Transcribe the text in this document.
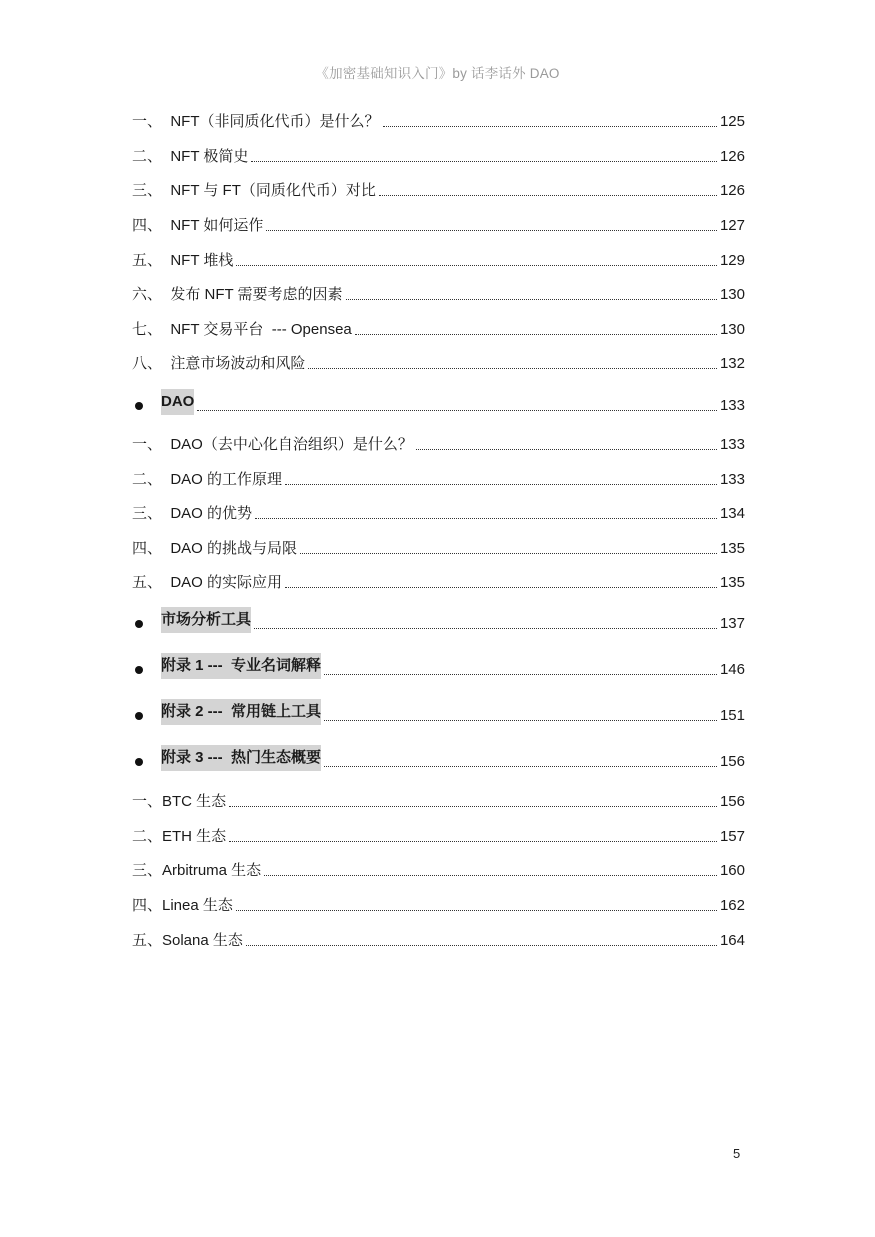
《加密基础知识入门》by 话李话外 DAO
一、  NFT（非同质化代币）是什么？	125
二、  NFT 极简史	126
三、  NFT 与 FT（同质化代币）对比	126
四、  NFT 如何运作	127
五、  NFT 堆栈	129
六、  发布 NFT 需要考虑的因素	130
七、  NFT 交易平台  --- Opensea	130
八、  注意市场波动和风险	132
DAO	133
一、  DAO（去中心化自治组织）是什么？	133
二、  DAO 的工作原理	133
三、  DAO 的优势	134
四、  DAO 的挑战与局限	135
五、  DAO 的实际应用	135
市场分析工具	137
附录 1 ---  专业名词解释	146
附录 2 ---  常用链上工具	151
附录 3 ---  热门生态概要	156
一、BTC 生态	156
二、ETH 生态	157
三、Arbitruma 生态	160
四、Linea 生态	162
五、Solana 生态	164
5
